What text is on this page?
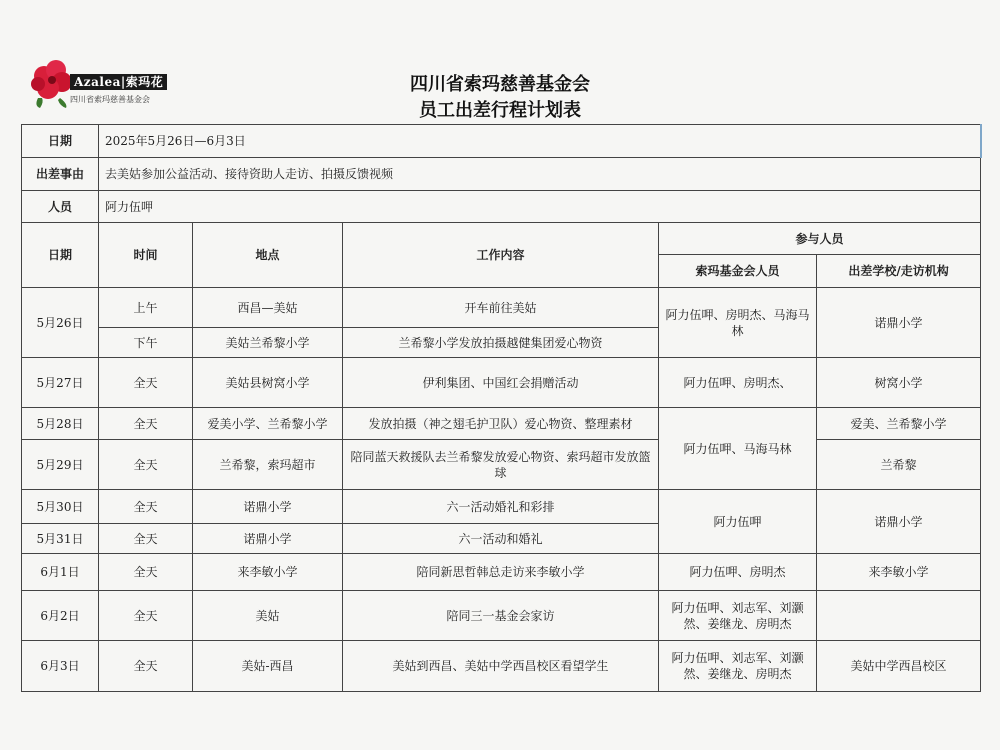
Azalea|索玛花
四川省索玛慈善基金会
四川省索玛慈善基金会
员工出差行程计划表
日期	2025年5月26日—6月3日				
出差事由	去美姑参加公益活动、接待资助人走访、拍摄反馈视频				
人员	阿力伍呷				
日期	时间	地点	工作内容	参与人员	
				索玛基金会人员	出差学校/走访机构
5月26日	上午	西昌—美姑	开车前往美姑	阿力伍呷、房明杰、马海马林	诺鼎小学
	下午	美姑兰希黎小学	兰希黎小学发放拍摄越健集团爱心物资		
5月27日	全天	美姑县树窝小学	伊利集团、中国红会捐赠活动	阿力伍呷、房明杰、	树窝小学
5月28日	全天	爱美小学、兰希黎小学	发放拍摄（神之翅毛护卫队）爱心物资、整理素材	阿力伍呷、马海马林	爱美、兰希黎小学
5月29日	全天	兰希黎，索玛超市	陪同蓝天救援队去兰希黎发放爱心物资、索玛超市发放篮球		兰希黎
5月30日	全天	诺鼎小学	六一活动婚礼和彩排	阿力伍呷	诺鼎小学
5月31日	全天	诺鼎小学	六一活动和婚礼		
6月1日	全天	来李敏小学	陪同新思哲韩总走访来李敏小学	阿力伍呷、房明杰	来李敏小学
6月2日	全天	美姑	陪同三一基金会家访	阿力伍呷、刘志军、刘灏然、姜继龙、房明杰	
6月3日	全天	美姑-西昌	美姑到西昌、美姑中学西昌校区看望学生	阿力伍呷、刘志军、刘灏然、姜继龙、房明杰	美姑中学西昌校区
